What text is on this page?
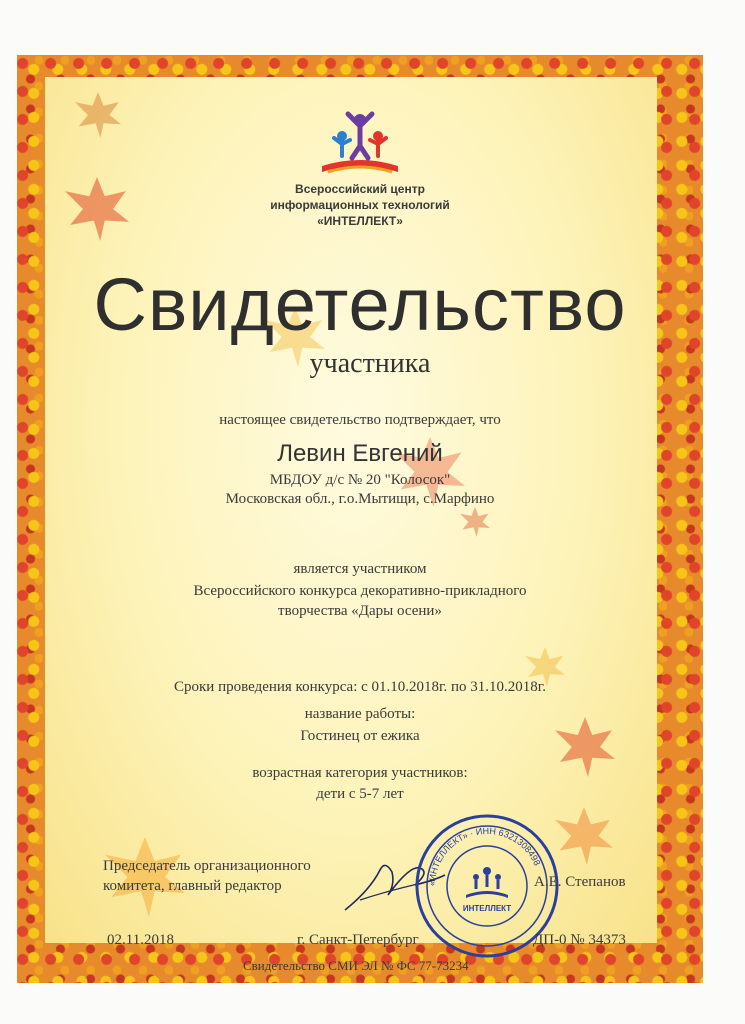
Всероссийский центр
информационных технологий
«ИНТЕЛЛЕКТ»
Свидетельство
участника
настоящее свидетельство подтверждает, что
Левин Евгений
МБДОУ д/с № 20 "Колосок"
Московская обл., г.о.Мытищи, с.Марфино
является участником
Всероссийского конкурса декоративно-прикладного
творчества «Дары осени»
Сроки проведения конкурса: с 01.10.2018г. по 31.10.2018г.
название работы:
Гостинец от ежика
возрастная категория участников:
дети с 5-7 лет
Председатель организационного
комитета, главный редактор	«ИНТЕЛЛЕКТ» · ИНН 6321308498
ИНТЕЛЛЕКТ
А.Е. Степанов
02.11.2018	г. Санкт-Петербург	ДП-0 № 34373
Свидетельство СМИ ЭЛ № ФС 77-73234
